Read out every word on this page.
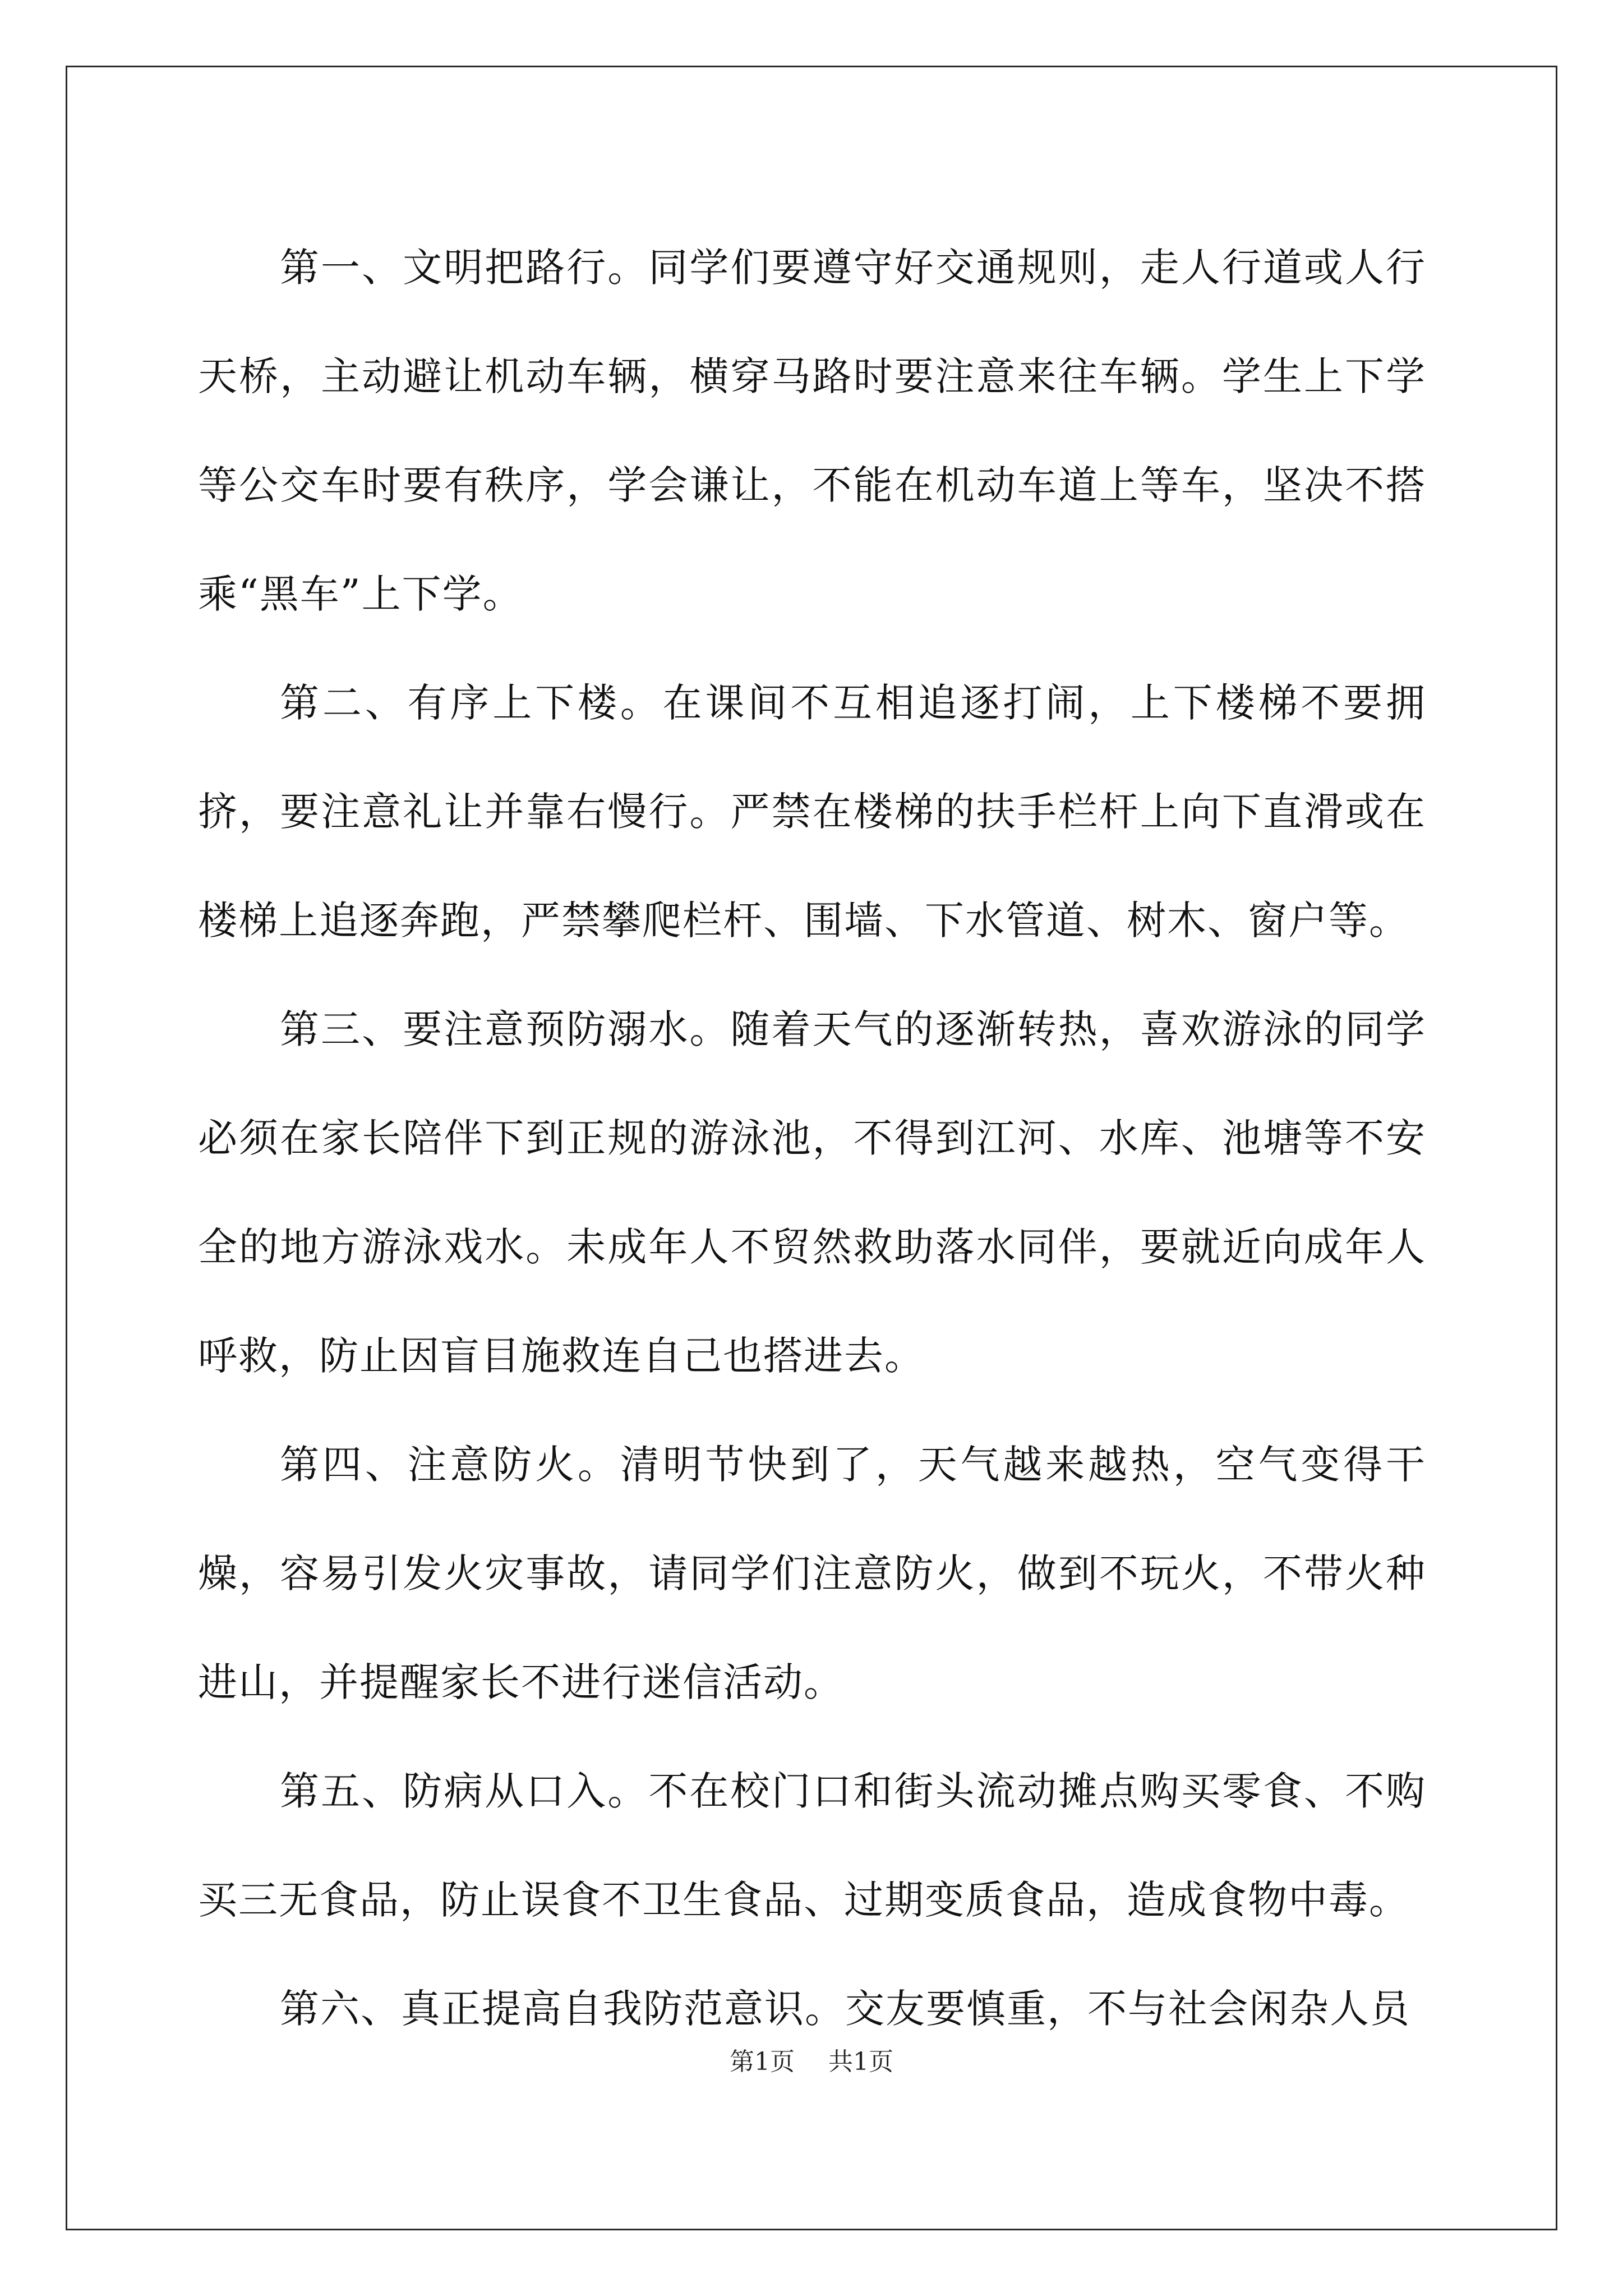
第一、文明把路行。同学们要遵守好交通规则，走人行道或人行天桥，主动避让机动车辆，横穿马路时要注意来往车辆。学生上下学等公交车时要有秩序，学会谦让，不能在机动车道上等车，坚决不搭乘“黑车”上下学。

第二、有序上下楼。在课间不互相追逐打闹，上下楼梯不要拥挤，要注意礼让并靠右慢行。严禁在楼梯的扶手栏杆上向下直滑或在楼梯上追逐奔跑，严禁攀爬栏杆、围墙、下水管道、树木、窗户等。

第三、要注意预防溺水。随着天气的逐渐转热，喜欢游泳的同学必须在家长陪伴下到正规的游泳池，不得到江河、水库、池塘等不安全的地方游泳戏水。未成年人不贸然救助落水同伴，要就近向成年人呼救，防止因盲目施救连自己也搭进去。

第四、注意防火。清明节快到了，天气越来越热，空气变得干燥，容易引发火灾事故，请同学们注意防火，做到不玩火，不带火种进山，并提醒家长不进行迷信活动。

第五、防病从口入。不在校门口和街头流动摊点购买零食、不购买三无食品，防止误食不卫生食品、过期变质食品，造成食物中毒。

第六、真正提高自我防范意识。交友要慎重，不与社会闲杂人员

第1页 共1页
